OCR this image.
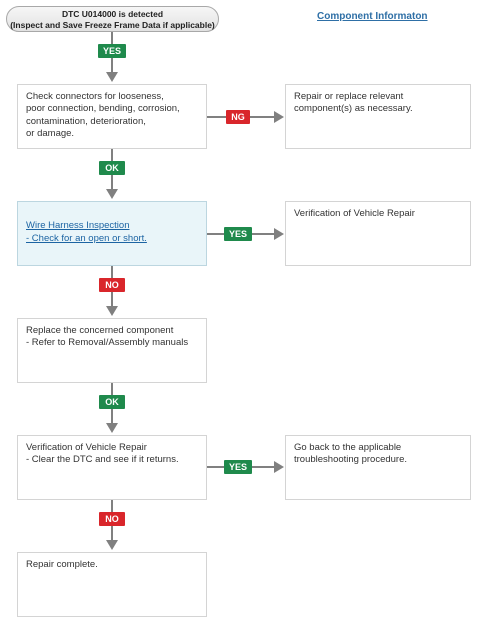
DTC U014000 is detected
(Inspect and Save Freeze Frame Data if applicable)
Component Informaton
YES
Check connectors for looseness,
poor connection, bending, corrosion,
contamination, deterioration,
or damage.
NG
Repair or replace relevant
component(s) as necessary.
OK

Wire Harness Inspection
- Check for an open or short.	YES
Verification of Vehicle Repair
NO
Replace the concerned component
- Refer to Removal/Assembly manuals
OK
Verification of Vehicle Repair
- Clear the DTC and see if it returns.
YES
Go back to the applicable
troubleshooting procedure.
NO
Repair complete.
